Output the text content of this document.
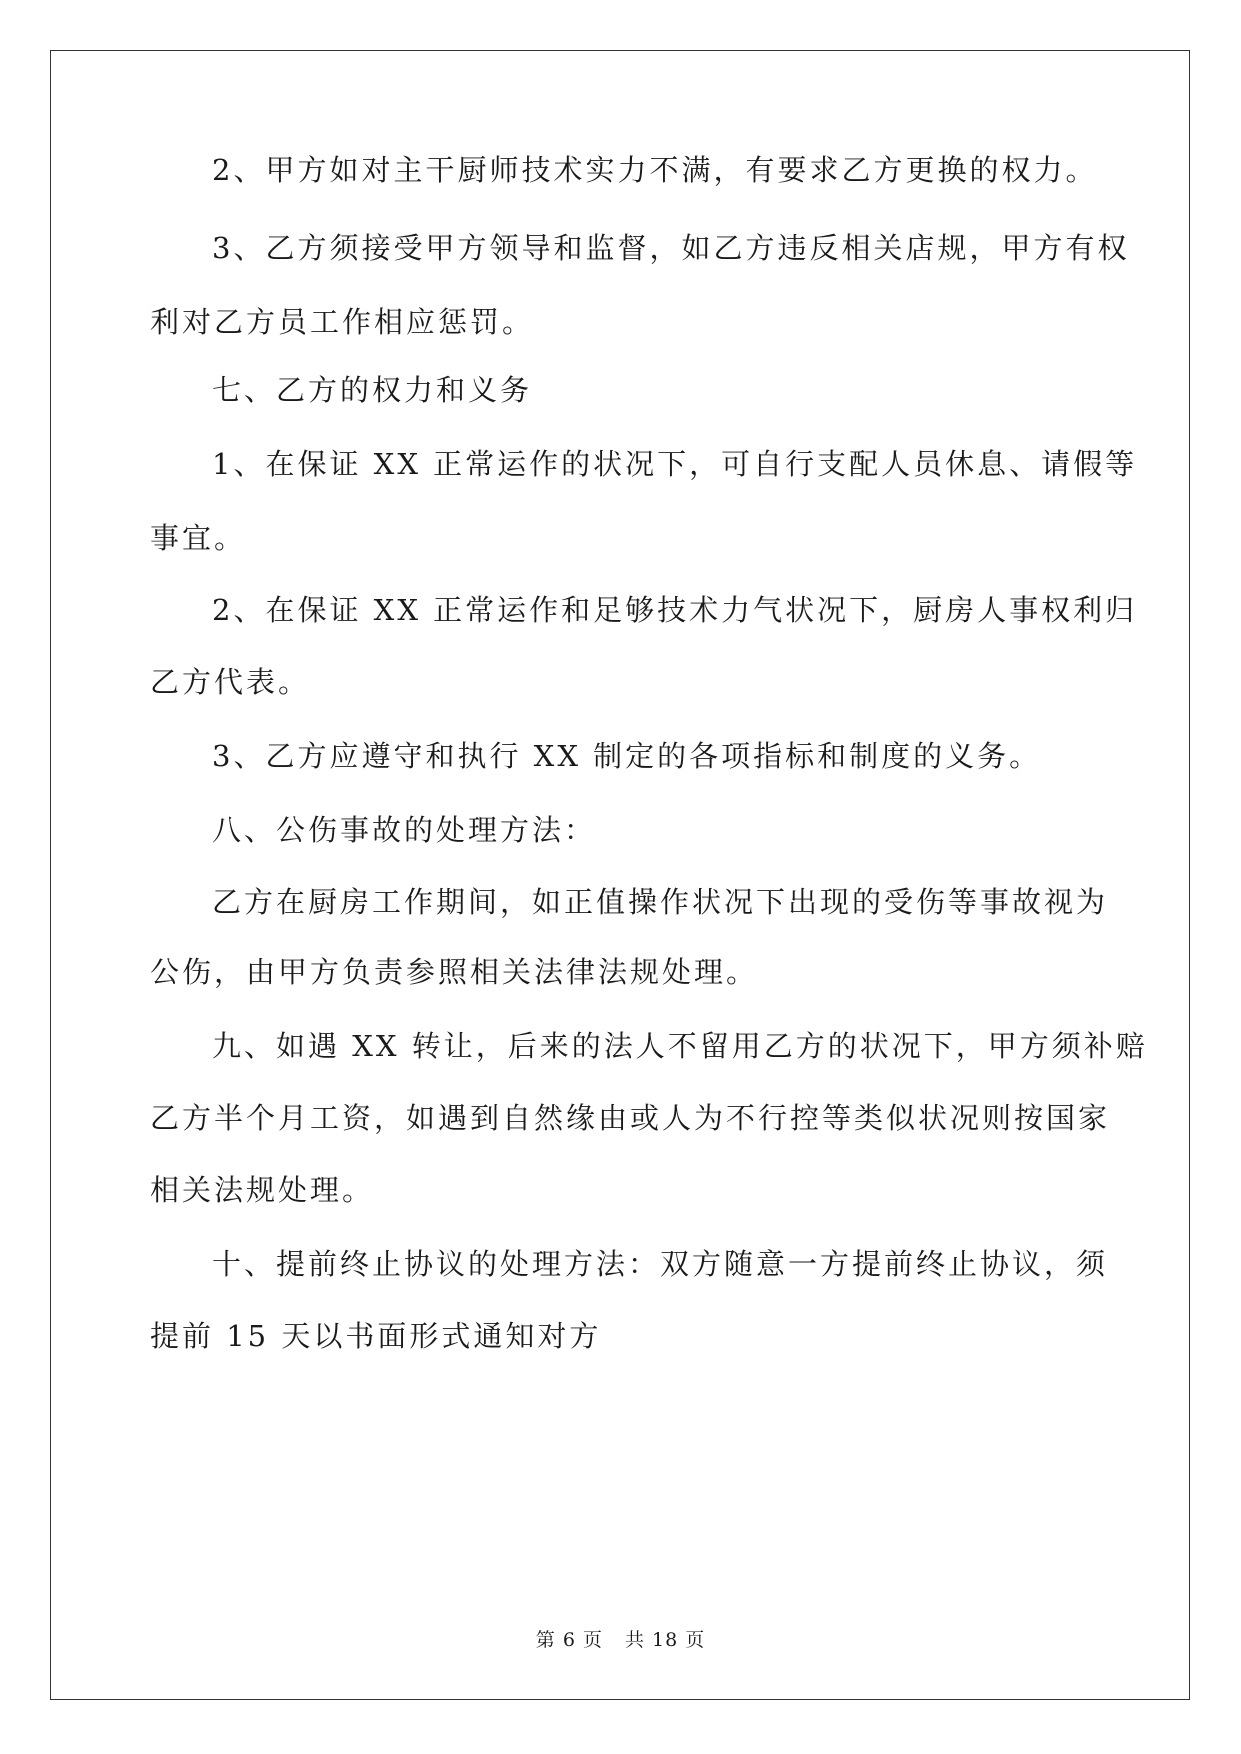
2、甲方如对主干厨师技术实力不满，有要求乙方更换的权力。
3、乙方须接受甲方领导和监督，如乙方违反相关店规，甲方有权
利对乙方员工作相应惩罚。
七、乙方的权力和义务
1、在保证 XX 正常运作的状况下，可自行支配人员休息、请假等
事宜。
2、在保证 XX 正常运作和足够技术力气状况下，厨房人事权利归
乙方代表。
3、乙方应遵守和执行 XX 制定的各项指标和制度的义务。
八、公伤事故的处理方法：
乙方在厨房工作期间，如正值操作状况下出现的受伤等事故视为
公伤，由甲方负责参照相关法律法规处理。
九、如遇 XX 转让，后来的法人不留用乙方的状况下，甲方须补赔
乙方半个月工资，如遇到自然缘由或人为不行控等类似状况则按国家
相关法规处理。
十、提前终止协议的处理方法：双方随意一方提前终止协议，须
提前 15 天以书面形式通知对方
第 6 页 共 18 页
